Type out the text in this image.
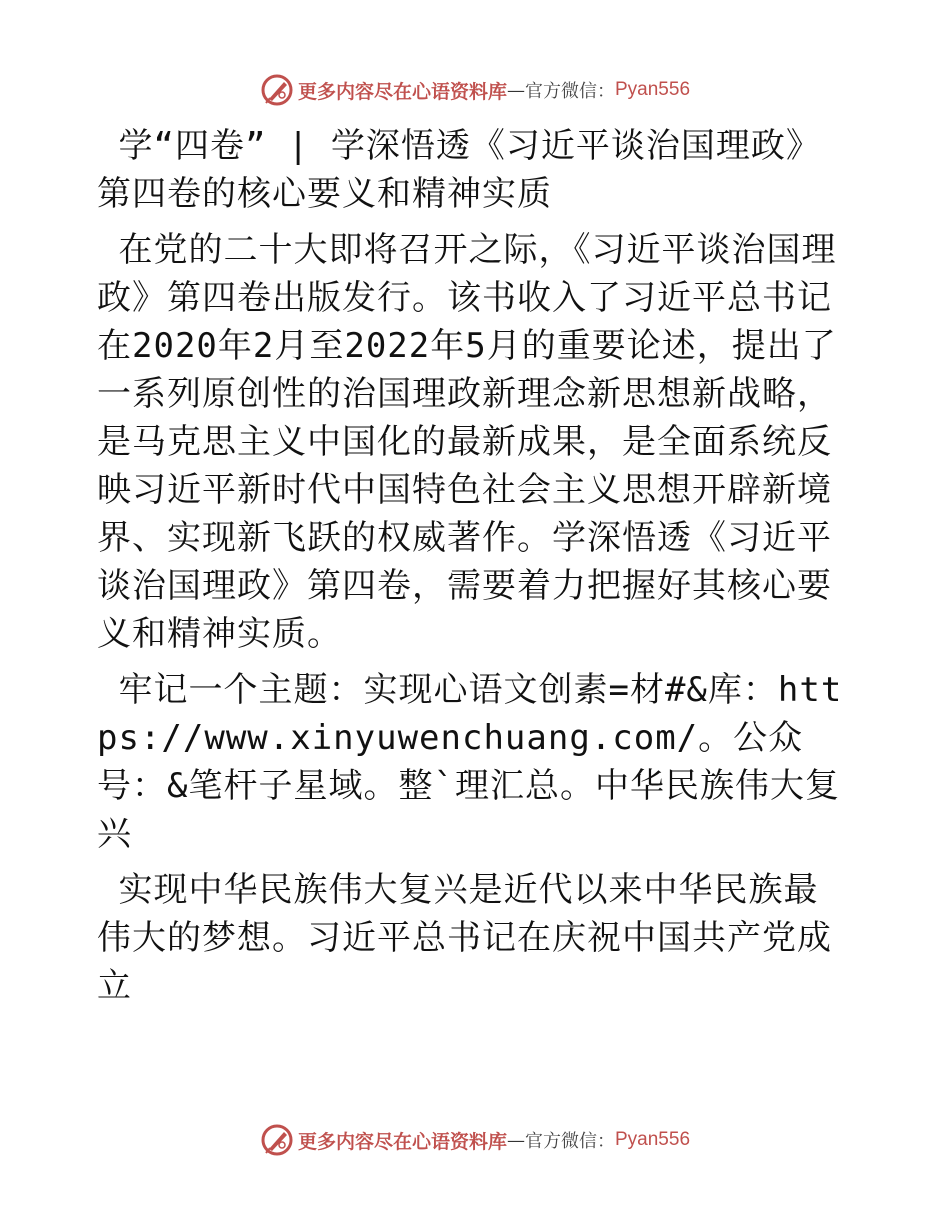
更多内容尽在心语资料库 — 官方微信： Pyan556

学“四卷” | 学深悟透《习近平谈治国理政》第四卷的核心要义和精神实质

在党的二十大即将召开之际，《习近平谈治国理政》第四卷出版发行。该书收入了习近平总书记在2020年2月至2022年5月的重要论述，提出了一系列原创性的治国理政新理念新思想新战略，是马克思主义中国化的最新成果，是全面系统反映习近平新时代中国特色社会主义思想开辟新境界、实现新飞跃的权威著作。学深悟透《习近平谈治国理政》第四卷，需要着力把握好其核心要义和精神实质。

牢记一个主题：实现心语文创素=材#&库：https://www.xinyuwenchuang.com/。公众号：&笔杆子星域。整`理汇总。中华民族伟大复兴

实现中华民族伟大复兴是近代以来中华民族最伟大的梦想。习近平总书记在庆祝中国共产党成立

更多内容尽在心语资料库 — 官方微信： Pyan556
